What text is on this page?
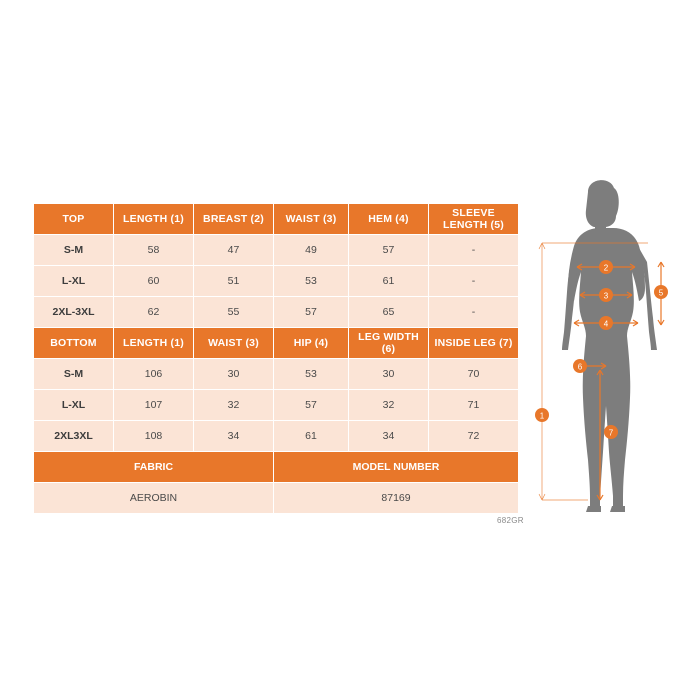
TOP	LENGTH (1)	BREAST (2)	WAIST (3)	HEM (4)	SLEEVE LENGTH (5)
S-M	58	47	49	57	-
L-XL	60	51	53	61	-
2XL-3XL	62	55	57	65	-
BOTTOM	LENGTH (1)	WAIST (3)	HIP (4)	LEG WIDTH (6)	INSIDE LEG (7)
S-M	106	30	53	30	70
L-XL	107	32	57	32	71
2XL3XL	108	34	61	34	72
FABRIC			MODEL NUMBER		
AEROBIN			87169		
682GR
2
3
4
5
6
7
1
